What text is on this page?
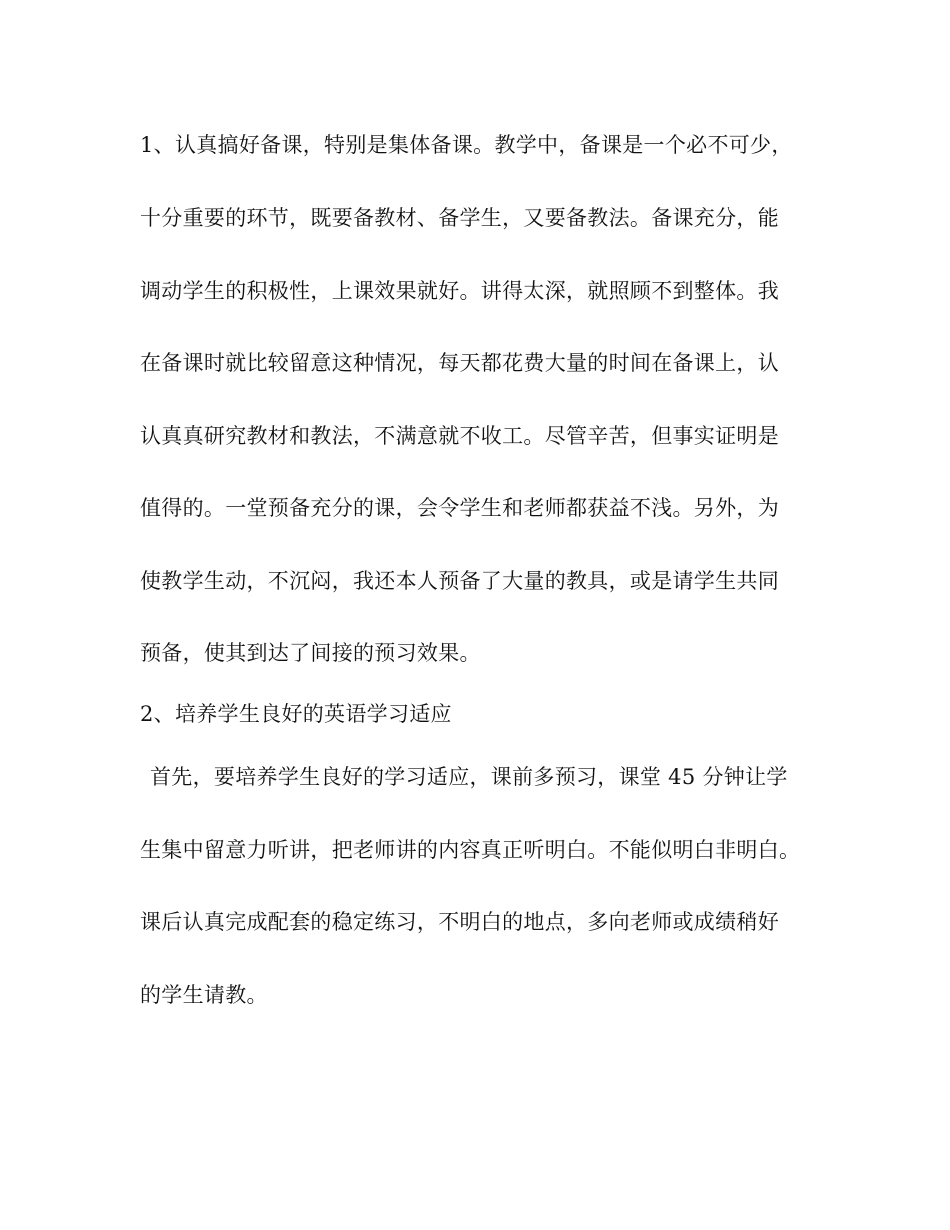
1、认真搞好备课，特别是集体备课。教学中，备课是一个必不可少，
十分重要的环节，既要备教材、备学生，又要备教法。备课充分，能
调动学生的积极性，上课效果就好。讲得太深，就照顾不到整体。我
在备课时就比较留意这种情况，每天都花费大量的时间在备课上，认
认真真研究教材和教法，不满意就不收工。尽管辛苦，但事实证明是
值得的。一堂预备充分的课，会令学生和老师都获益不浅。另外，为
使教学生动，不沉闷，我还本人预备了大量的教具，或是请学生共同
预备，使其到达了间接的预习效果。
2、培养学生良好的英语学习适应
首先，要培养学生良好的学习适应，课前多预习，课堂 45 分钟让学
生集中留意力听讲，把老师讲的内容真正听明白。不能似明白非明白。
课后认真完成配套的稳定练习，不明白的地点，多向老师或成绩稍好
的学生请教。
